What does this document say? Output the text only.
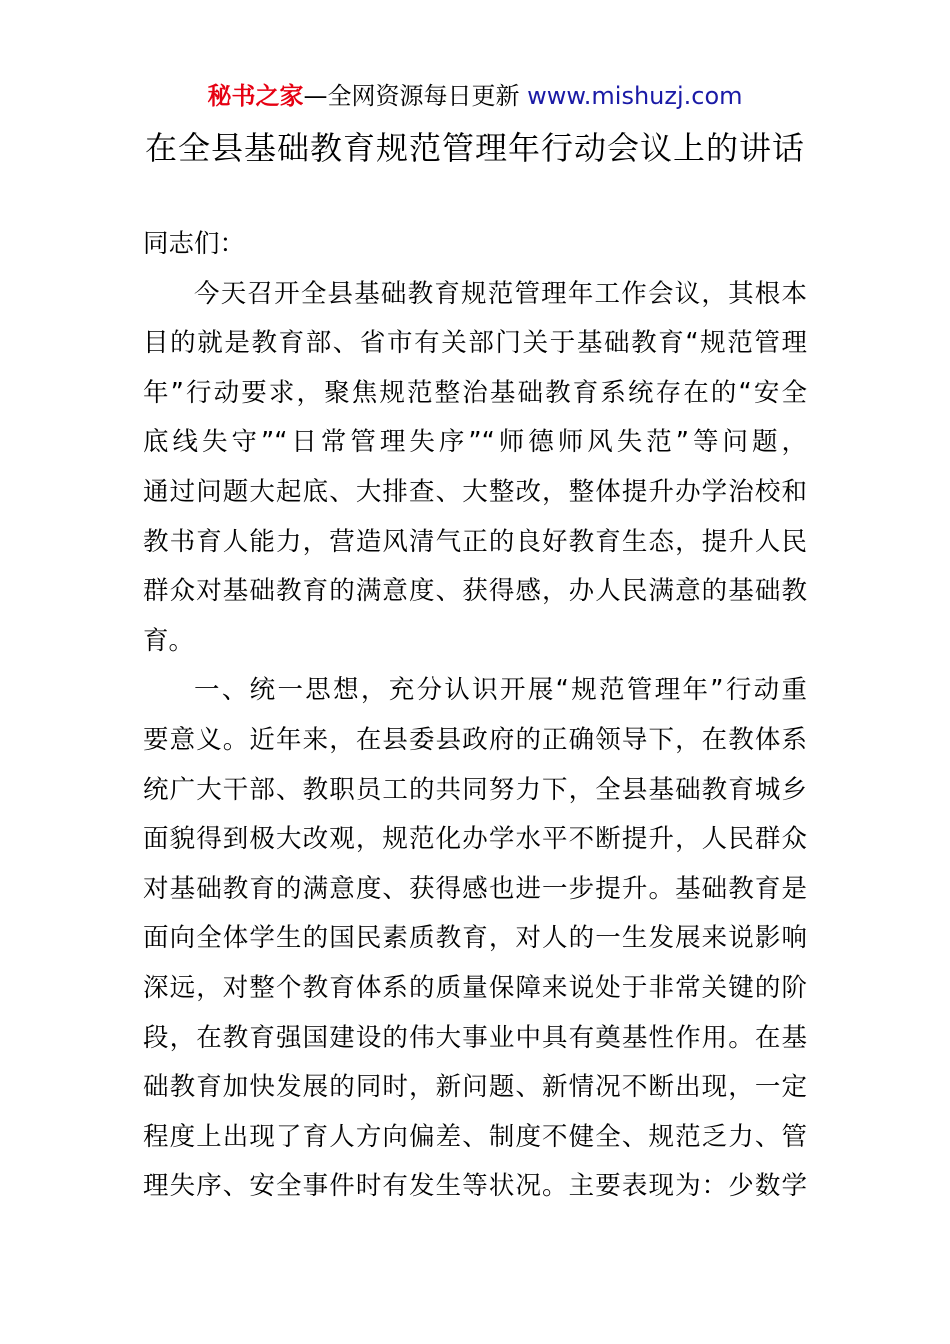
秘书之家—全网资源每日更新 www.mishuzj.com
在全县基础教育规范管理年行动会议上的讲话
同志们：
今天召开全县基础教育规范管理年工作会议，其根本
目的就是教育部、省市有关部门关于基础教育“规范管理
年”行动要求，聚焦规范整治基础教育系统存在的“安全
底线失守”“日常管理失序”“师德师风失范”等问题，
通过问题大起底、大排查、大整改，整体提升办学治校和
教书育人能力，营造风清气正的良好教育生态，提升人民
群众对基础教育的满意度、获得感，办人民满意的基础教
育。
一、统一思想，充分认识开展“规范管理年”行动重
要意义。近年来，在县委县政府的正确领导下，在教体系
统广大干部、教职员工的共同努力下，全县基础教育城乡
面貌得到极大改观，规范化办学水平不断提升，人民群众
对基础教育的满意度、获得感也进一步提升。基础教育是
面向全体学生的国民素质教育，对人的一生发展来说影响
深远，对整个教育体系的质量保障来说处于非常关键的阶
段，在教育强国建设的伟大事业中具有奠基性作用。在基
础教育加快发展的同时，新问题、新情况不断出现，一定
程度上出现了育人方向偏差、制度不健全、规范乏力、管
理失序、安全事件时有发生等状况。主要表现为：少数学
